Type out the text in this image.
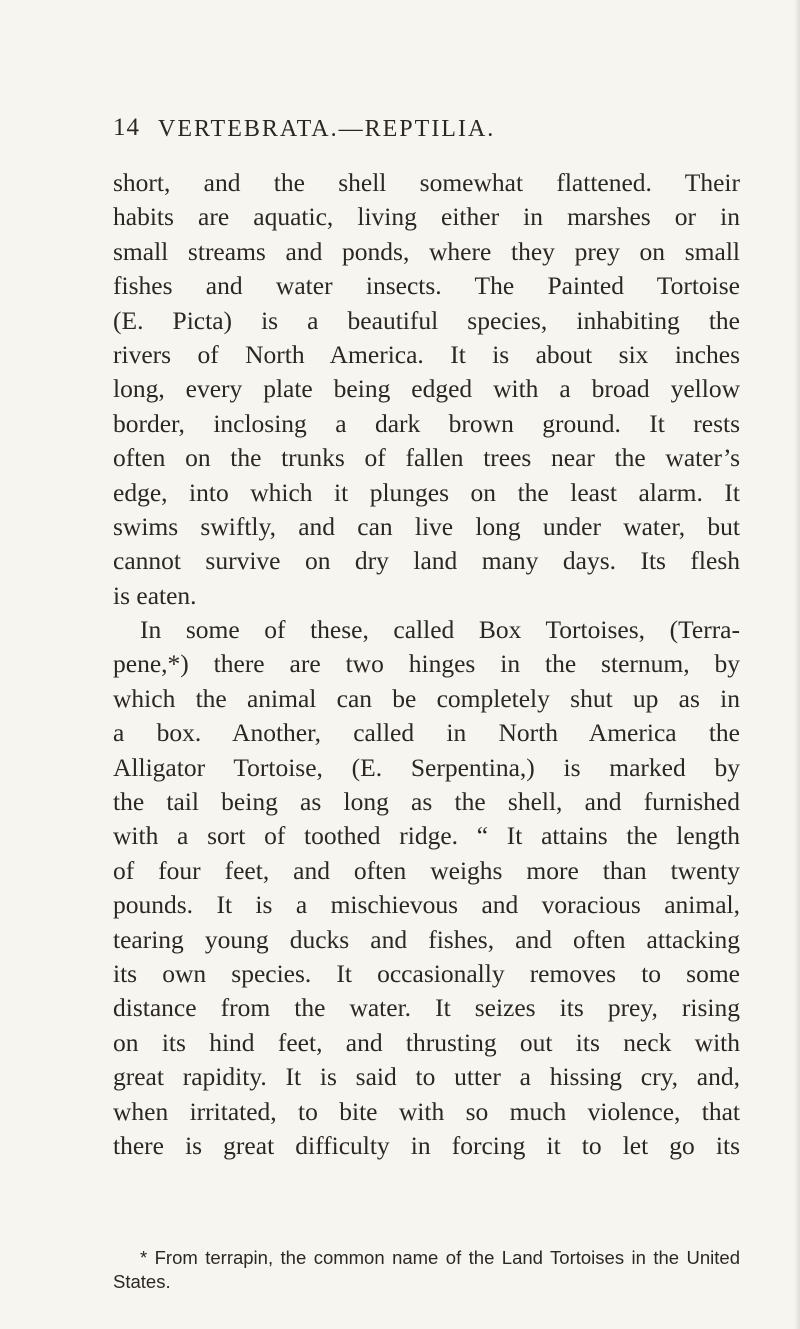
14 VERTEBRATA.—REPTILIA.
short, and the shell somewhat flattened. Their
habits are aquatic, living either in marshes or in
small streams and ponds, where they prey on small
fishes and water insects. The Painted Tortoise
(E. Picta) is a beautiful species, inhabiting the
rivers of North America. It is about six inches
long, every plate being edged with a broad yellow
border, inclosing a dark brown ground. It rests
often on the trunks of fallen trees near the water’s
edge, into which it plunges on the least alarm. It
swims swiftly, and can live long under water, but
cannot survive on dry land many days. Its flesh
is eaten.
In some of these, called Box Tortoises, (Terra-
pene,*) there are two hinges in the sternum, by
which the animal can be completely shut up as in
a box. Another, called in North America the
Alligator Tortoise, (E. Serpentina,) is marked by
the tail being as long as the shell, and furnished
with a sort of toothed ridge. “ It attains the length
of four feet, and often weighs more than twenty
pounds. It is a mischievous and voracious animal,
tearing young ducks and fishes, and often attacking
its own species. It occasionally removes to some
distance from the water. It seizes its prey, rising
on its hind feet, and thrusting out its neck with
great rapidity. It is said to utter a hissing cry, and,
when irritated, to bite with so much violence, that
there is great difficulty in forcing it to let go its
* From terrapin, the common name of the Land Tortoises in the United
States.
